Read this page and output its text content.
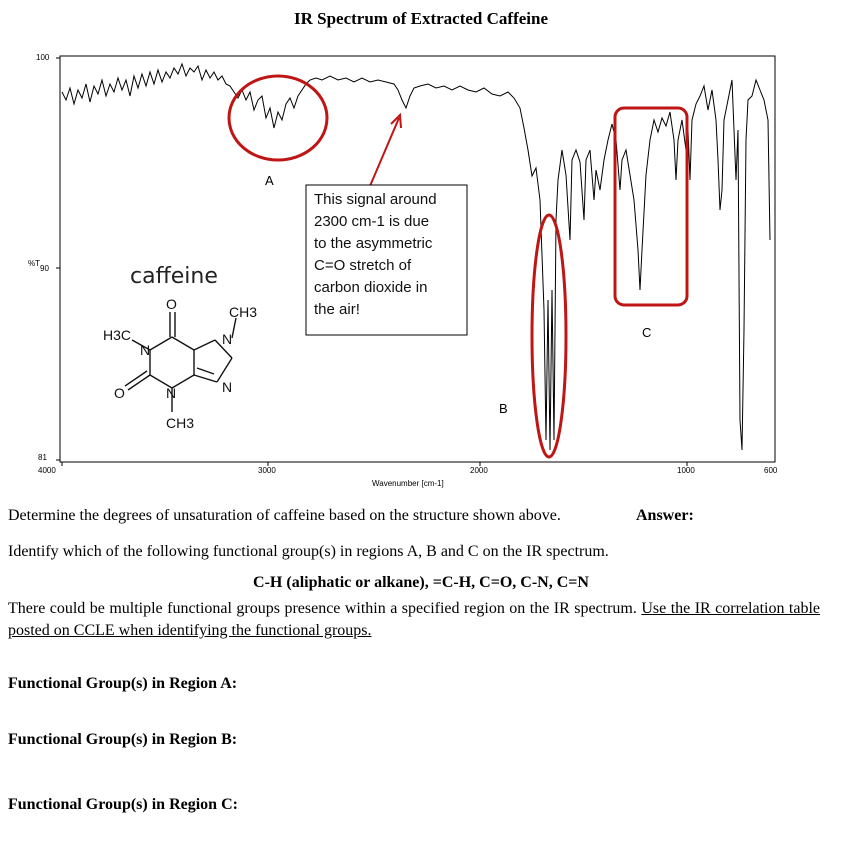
IR Spectrum of Extracted Caffeine
100
90
81
%T
4000	3000	2000	1000	600
Wavenumber [cm-1]
A
B
C
This signal around 2300 cm-1 is due to the asymmetric C=O stretch of carbon dioxide in the air!
caffeine
O O CH3 H3C N N N N CH3
Determine the degrees of unsaturation of caffeine based on the structure shown above.	Answer:
Identify which of the following functional group(s) in regions A, B and C on the IR spectrum.
C-H (aliphatic or alkane), =C-H, C=O, C-N, C=N
There could be multiple functional groups presence within a specified region on the IR spectrum. Use the IR correlation table posted on CCLE when identifying the functional groups.
Functional Group(s) in Region A:
Functional Group(s) in Region B:
Functional Group(s) in Region C:
